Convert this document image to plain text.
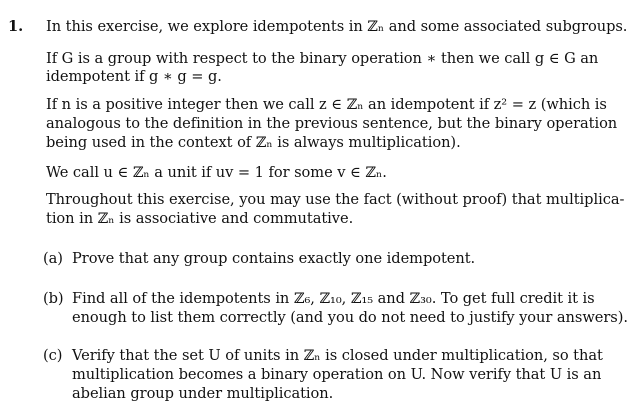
1. In this exercise, we explore idempotents in ℤₙ and some associated subgroups.
If G is a group with respect to the binary operation ∗ then we call g ∈ G an
idempotent if g ∗ g = g.
If n is a positive integer then we call z ∈ ℤₙ an idempotent if z² = z (which is
analogous to the definition in the previous sentence, but the binary operation
being used in the context of ℤₙ is always multiplication).
We call u ∈ ℤₙ a unit if uv = 1 for some v ∈ ℤₙ.
Throughout this exercise, you may use the fact (without proof) that multiplica-
tion in ℤₙ is associative and commutative.
(a) Prove that any group contains exactly one idempotent.
(b) Find all of the idempotents in ℤ₆, ℤ₁₀, ℤ₁₅ and ℤ₃₀. To get full credit it is
enough to list them correctly (and you do not need to justify your answers).
(c) Verify that the set U of units in ℤₙ is closed under multiplication, so that
multiplication becomes a binary operation on U. Now verify that U is an
abelian group under multiplication.
